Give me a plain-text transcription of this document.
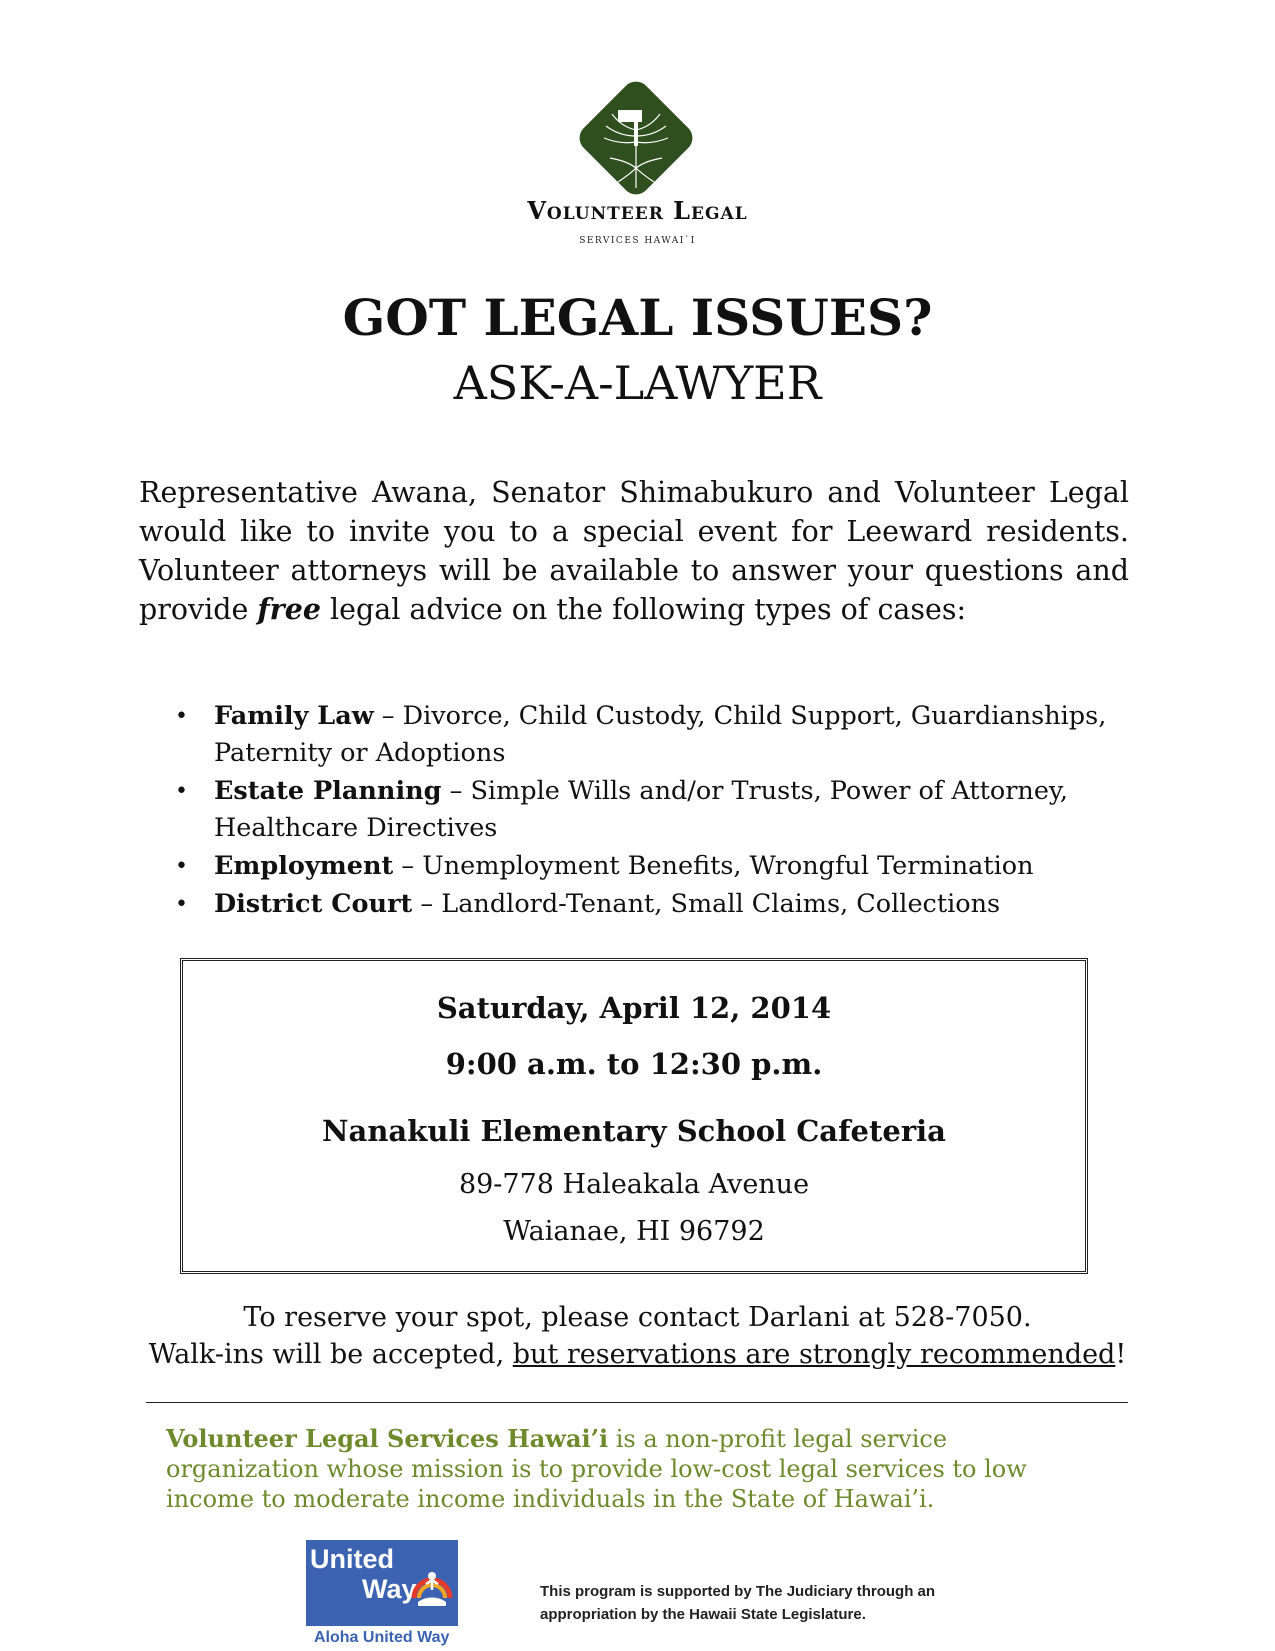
Volunteer Legal
SERVICES HAWAI`I
GOT LEGAL ISSUES?
ASK-A-LAWYER

Representative Awana, Senator Shimabukuro and Volunteer Legal would like to invite you to a special event for Leeward residents. Volunteer attorneys will be available to answer your questions and provide free legal advice on the following types of cases:

• Family Law – Divorce, Child Custody, Child Support, Guardianships, Paternity or Adoptions
• Estate Planning – Simple Wills and/or Trusts, Power of Attorney, Healthcare Directives
• Employment – Unemployment Benefits, Wrongful Termination
• District Court – Landlord-Tenant, Small Claims, Collections
Saturday, April 12, 2014
9:00 a.m. to 12:30 p.m.
Nanakuli Elementary School Cafeteria
89-778 Haleakala Avenue
Waianae, HI 96792
To reserve your spot, please contact Darlani at 528-7050.
Walk-ins will be accepted, but reservations are strongly recommended!

Volunteer Legal Services Hawai’i is a non-profit legal service organization whose mission is to provide low-cost legal services to low income to moderate income individuals in the State of Hawai’i.

United
Way
Aloha United Way
This program is supported by The Judiciary through an appropriation by the Hawaii State Legislature.
